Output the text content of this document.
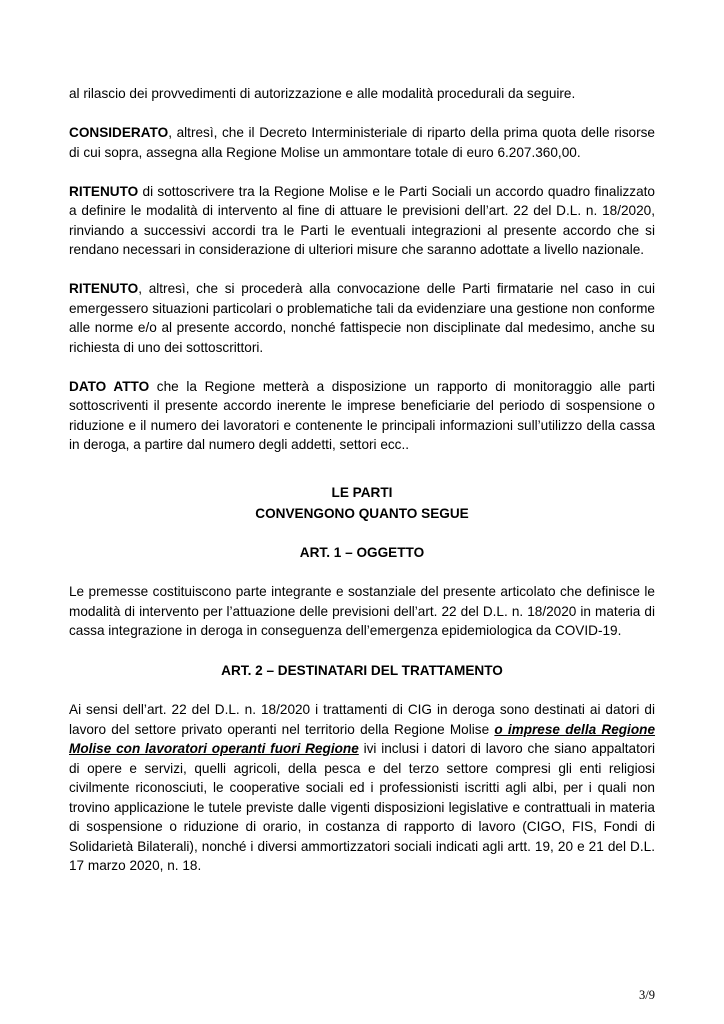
al rilascio dei provvedimenti di autorizzazione e alle modalità procedurali da seguire.

CONSIDERATO, altresì, che il Decreto Interministeriale di riparto della prima quota delle risorse di cui sopra, assegna alla Regione Molise un ammontare totale di euro 6.207.360,00.

RITENUTO di sottoscrivere tra la Regione Molise e le Parti Sociali un accordo quadro finalizzato a definire le modalità di intervento al fine di attuare le previsioni dell’art. 22 del D.L. n. 18/2020, rinviando a successivi accordi tra le Parti le eventuali integrazioni al presente accordo che si rendano necessari in considerazione di ulteriori misure che saranno adottate a livello nazionale.

RITENUTO, altresì, che si procederà alla convocazione delle Parti firmatarie nel caso in cui emergessero situazioni particolari o problematiche tali da evidenziare una gestione non conforme alle norme e/o al presente accordo, nonché fattispecie non disciplinate dal medesimo, anche su richiesta di uno dei sottoscrittori.

DATO ATTO che la Regione metterà a disposizione un rapporto di monitoraggio alle parti sottoscriventi il presente accordo inerente le imprese beneficiarie del periodo di sospensione o riduzione e il numero dei lavoratori e contenente le principali informazioni sull’utilizzo della cassa in deroga, a partire dal numero degli addetti, settori ecc..

LE PARTI

CONVENGONO QUANTO SEGUE

ART. 1 – OGGETTO

Le premesse costituiscono parte integrante e sostanziale del presente articolato che definisce le modalità di intervento per l’attuazione delle previsioni dell’art. 22 del D.L. n. 18/2020 in materia di cassa integrazione in deroga in conseguenza dell’emergenza epidemiologica da COVID-19.

ART. 2 – DESTINATARI DEL TRATTAMENTO

Ai sensi dell’art. 22 del D.L. n. 18/2020 i trattamenti di CIG in deroga sono destinati ai datori di lavoro del settore privato operanti nel territorio della Regione Molise o imprese della Regione Molise con lavoratori operanti fuori Regione ivi inclusi i datori di lavoro che siano appaltatori di opere e servizi, quelli agricoli, della pesca e del terzo settore compresi gli enti religiosi civilmente riconosciuti, le cooperative sociali ed i professionisti iscritti agli albi, per i quali non trovino applicazione le tutele previste dalle vigenti disposizioni legislative e contrattuali in materia di sospensione o riduzione di orario, in costanza di rapporto di lavoro (CIGO, FIS, Fondi di Solidarietà Bilaterali), nonché i diversi ammortizzatori sociali indicati agli artt. 19, 20 e 21 del D.L. 17 marzo 2020, n. 18.

3/9
